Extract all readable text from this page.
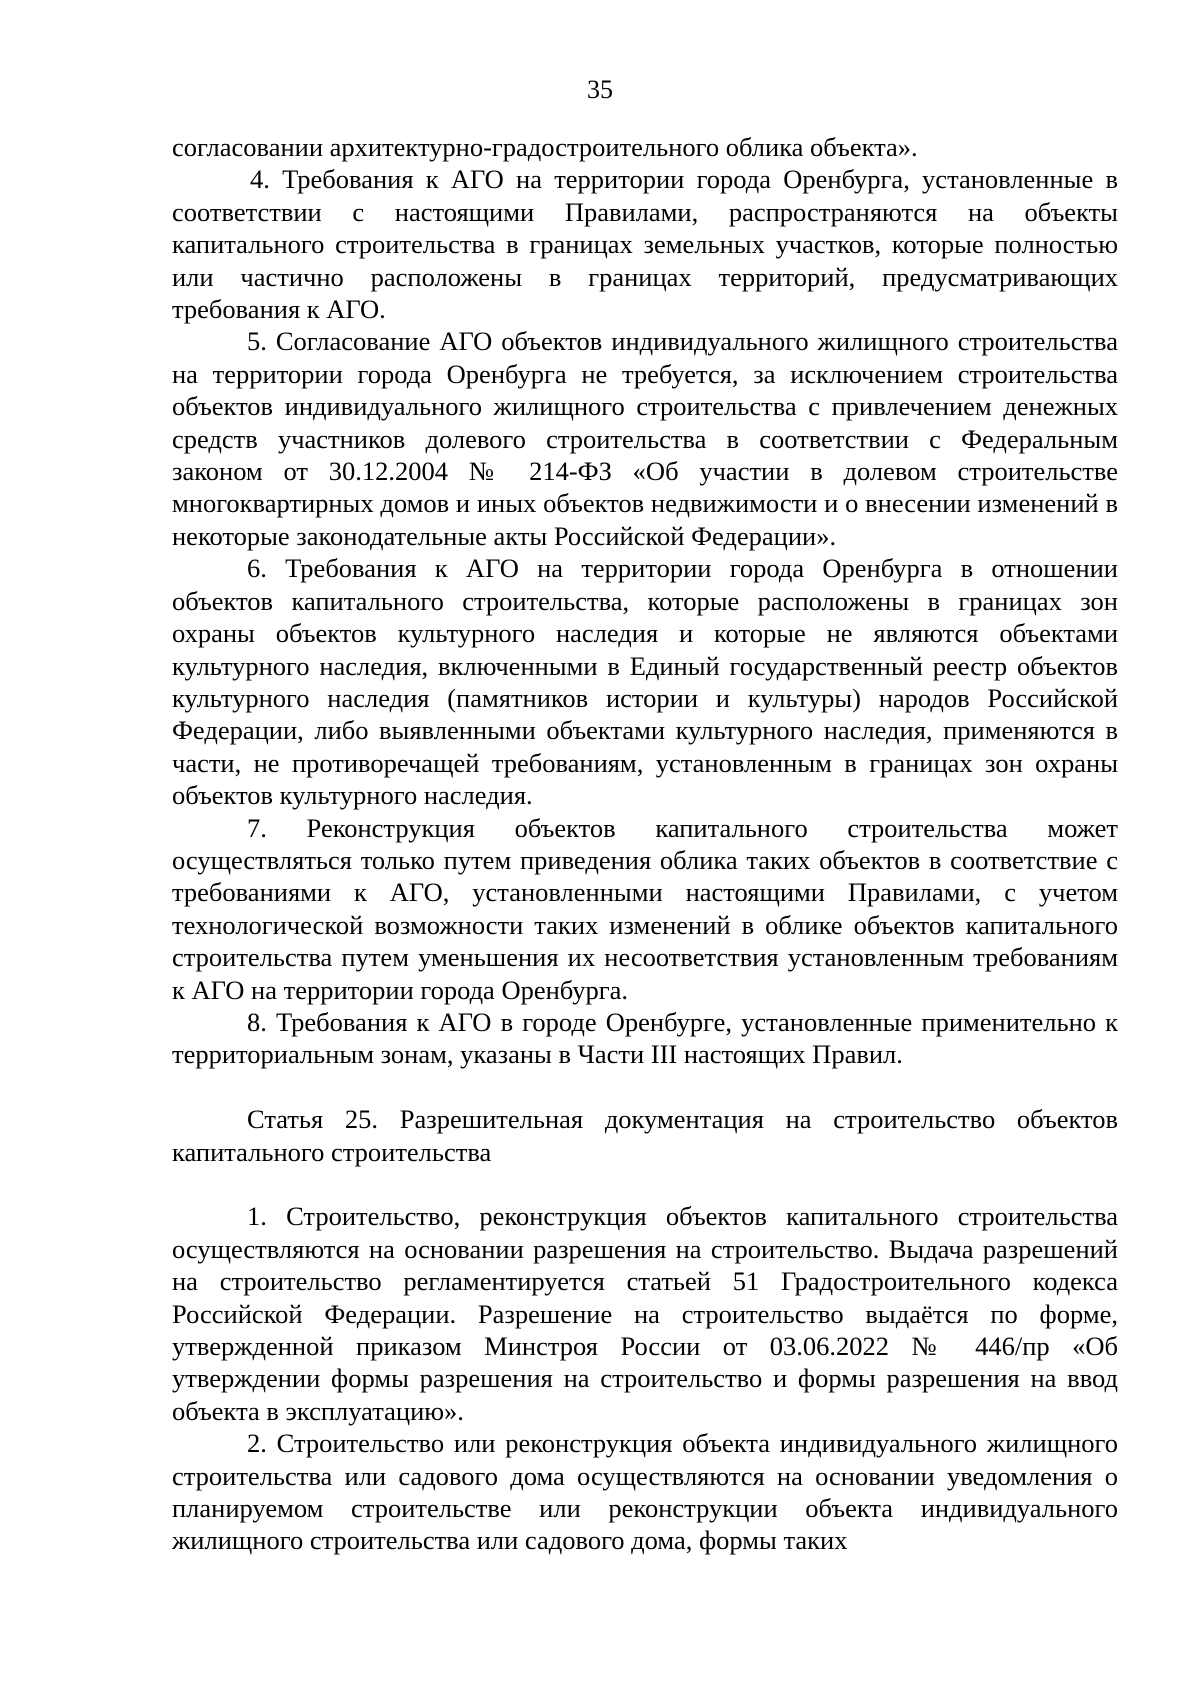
35

согласовании архитектурно-градостроительного облика объекта».

4. Требования к АГО на территории города Оренбурга, установленные в соответствии с настоящими Правилами, распространяются на объекты капитального строительства в границах земельных участков, которые полностью или частично расположены в границах территорий, предусматривающих требования к АГО.

5. Согласование АГО объектов индивидуального жилищного строительства на территории города Оренбурга не требуется, за исключением строительства объектов индивидуального жилищного строительства с привлечением денежных средств участников долевого строительства в соответствии с Федеральным законом от 30.12.2004 № 214-ФЗ «Об участии в долевом строительстве многоквартирных домов и иных объектов недвижимости и о внесении изменений в некоторые законодательные акты Российской Федерации».

6. Требования к АГО на территории города Оренбурга в отношении объектов капитального строительства, которые расположены в границах зон охраны объектов культурного наследия и которые не являются объектами культурного наследия, включенными в Единый государственный реестр объектов культурного наследия (памятников истории и культуры) народов Российской Федерации, либо выявленными объектами культурного наследия, применяются в части, не противоречащей требованиям, установленным в границах зон охраны объектов культурного наследия.

7. Реконструкция объектов капитального строительства может осуществляться только путем приведения облика таких объектов в соответствие с требованиями к АГО, установленными настоящими Правилами, с учетом технологической возможности таких изменений в облике объектов капитального строительства путем уменьшения их несоответствия установленным требованиям к АГО на территории города Оренбурга.

8. Требования к АГО в городе Оренбурге, установленные применительно к территориальным зонам, указаны в Части III настоящих Правил.

Статья 25. Разрешительная документация на строительство объектов капитального строительства

1. Строительство, реконструкция объектов капитального строительства осуществляются на основании разрешения на строительство. Выдача разрешений на строительство регламентируется статьей 51 Градостроительного кодекса Российской Федерации. Разрешение на строительство выдаётся по форме, утвержденной приказом Минстроя России от 03.06.2022 № 446/пр «Об утверждении формы разрешения на строительство и формы разрешения на ввод объекта в эксплуатацию».

2. Строительство или реконструкция объекта индивидуального жилищного строительства или садового дома осуществляются на основании уведомления о планируемом строительстве или реконструкции объекта индивидуального жилищного строительства или садового дома, формы таких
